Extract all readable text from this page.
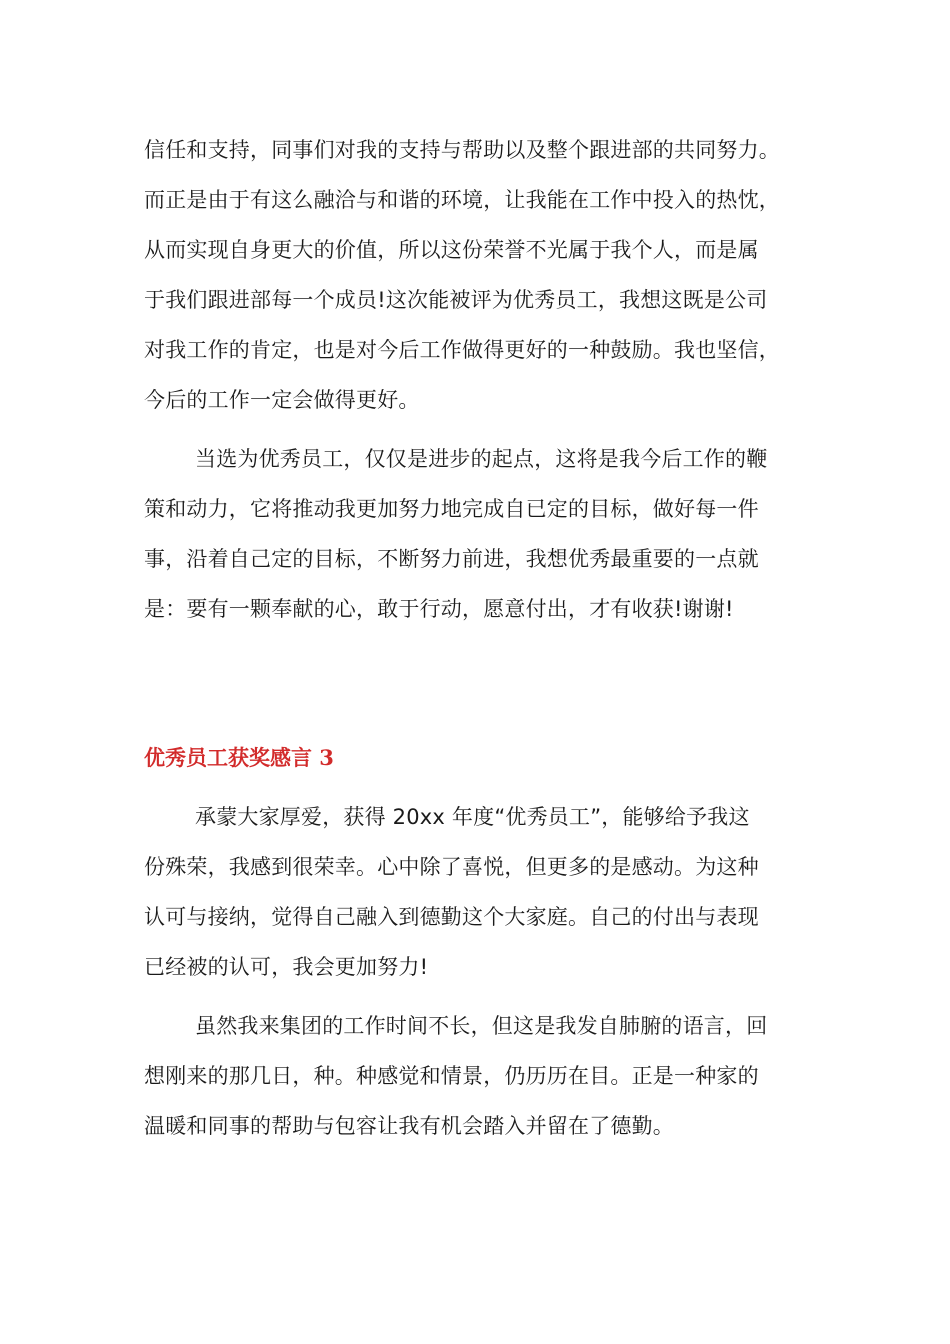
信任和支持，同事们对我的支持与帮助以及整个跟进部的共同努力。
而正是由于有这么融洽与和谐的环境，让我能在工作中投入的热忱，
从而实现自身更大的价值，所以这份荣誉不光属于我个人，而是属
于我们跟进部每一个成员!这次能被评为优秀员工，我想这既是公司
对我工作的肯定，也是对今后工作做得更好的一种鼓励。我也坚信，
今后的工作一定会做得更好。
当选为优秀员工，仅仅是进步的起点，这将是我今后工作的鞭
策和动力，它将推动我更加努力地完成自已定的目标，做好每一件
事，沿着自己定的目标，不断努力前进，我想优秀最重要的一点就
是：要有一颗奉献的心，敢于行动，愿意付出，才有收获!谢谢!
优秀员工获奖感言 3
承蒙大家厚爱，获得 20xx 年度“优秀员工”，能够给予我这
份殊荣，我感到很荣幸。心中除了喜悦，但更多的是感动。为这种
认可与接纳，觉得自己融入到德勤这个大家庭。自己的付出与表现
已经被的认可，我会更加努力!
虽然我来集团的工作时间不长，但这是我发自肺腑的语言，回
想刚来的那几日，种。种感觉和情景，仍历历在目。正是一种家的
温暖和同事的帮助与包容让我有机会踏入并留在了德勤。
